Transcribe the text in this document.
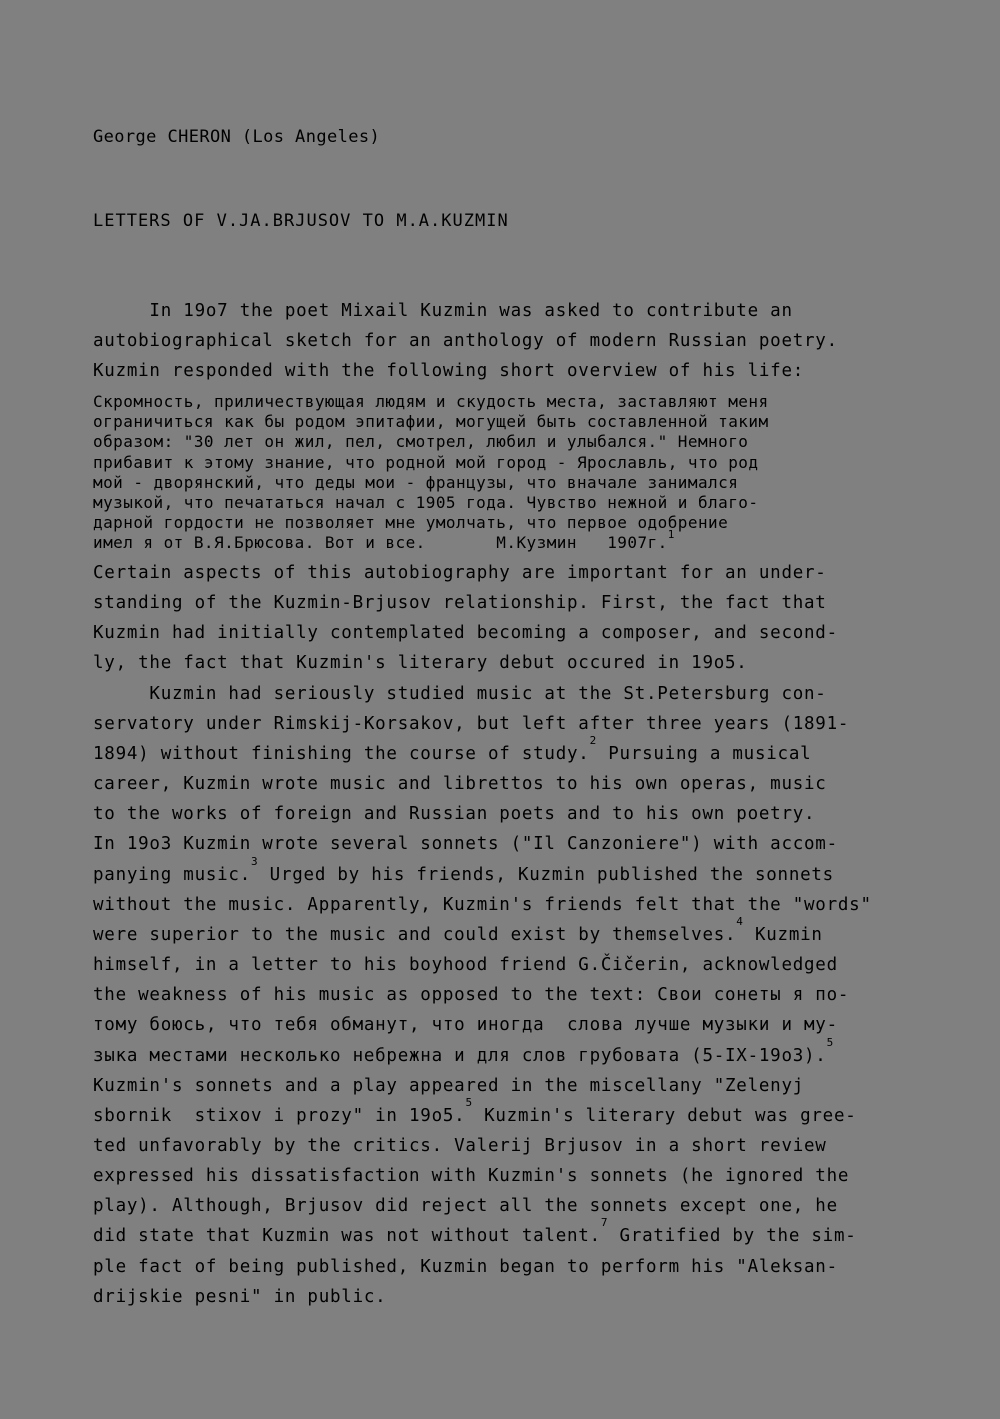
George CHERON (Los Angeles)
LETTERS OF V.JA.BRJUSOV TO M.A.KUZMIN
In 19o7 the poet Mixail Kuzmin was asked to contribute an
autobiographical sketch for an anthology of modern Russian poetry.
Kuzmin responded with the following short overview of his life:
Скромность, приличествующая людям и скудость места, заставляют меня
ограничиться как бы родом эпитафии, могущей быть составленной таким
образом: "30 лет он жил, пел, смотрел, любил и улыбался." Немного
прибавит к этому знание, что родной мой город - Ярославль, что род
мой - дворянский, что деды мои - французы, что вначале занимался
музыкой, что печататься начал с 1905 года. Чувство нежной и благо-
дарной гордости не позволяет мне умолчать, что первое одобрение
имел я от В.Я.Брюсова. Вот и все.       М.Кузмин   1907г.$^1$
Certain aspects of this autobiography are important for an under-
standing of the Kuzmin-Brjusov relationship. First, the fact that
Kuzmin had initially contemplated becoming a composer, and second-
ly, the fact that Kuzmin's literary debut occured in 19o5.
Kuzmin had seriously studied music at the St.Petersburg con-
servatory under Rimskij-Korsakov, but left after three years (1891-
1894) without finishing the course of study.$^2$ Pursuing a musical
career, Kuzmin wrote music and librettos to his own operas, music
to the works of foreign and Russian poets and to his own poetry.
In 19o3 Kuzmin wrote several sonnets ("Il Canzoniere") with accom-
panying music.$^3$ Urged by his friends, Kuzmin published the sonnets
without the music. Apparently, Kuzmin's friends felt that the "words"
were superior to the music and could exist by themselves.$^4$ Kuzmin
himself, in a letter to his boyhood friend G.Čičerin, acknowledged
the weakness of his music as opposed to the text: Свои сонеты я по-
тому боюсь, что тебя обманут, что иногда  слова лучше музыки и му-
зыка местами несколько небрежна и для слов грубовата (5-IX-19o3).$^5$
Kuzmin's sonnets and a play appeared in the miscellany "Zelenyj
sbornik  stixov i prozy" in 19o5.$^5$ Kuzmin's literary debut was gree-
ted unfavorably by the critics. Valerij Brjusov in a short review
expressed his dissatisfaction with Kuzmin's sonnets (he ignored the
play). Although, Brjusov did reject all the sonnets except one, he
did state that Kuzmin was not without talent.$^7$ Gratified by the sim-
ple fact of being published, Kuzmin began to perform his "Aleksan-
drijskie pesni" in public.
